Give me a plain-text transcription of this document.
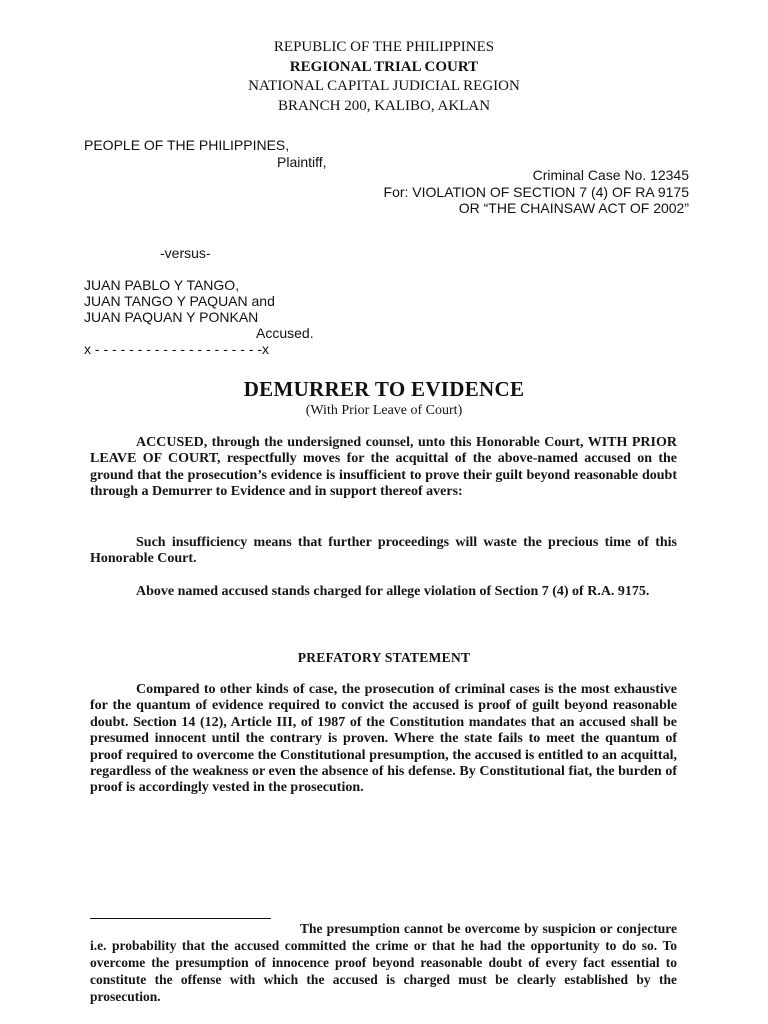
REPUBLIC OF THE PHILIPPINES
REGIONAL TRIAL COURT
NATIONAL CAPITAL JUDICIAL REGION
BRANCH 200, KALIBO, AKLAN
PEOPLE OF THE PHILIPPINES,
Plaintiff,
Criminal Case No. 12345
For: VIOLATION OF SECTION 7 (4) OF RA 9175
OR “THE CHAINSAW ACT OF 2002”
-versus-
JUAN PABLO Y TANGO,
JUAN TANGO Y PAQUAN and
JUAN PAQUAN Y PONKAN
Accused.
x - - - - - - - - - - - - - - - - - - - -x
DEMURRER TO EVIDENCE
(With Prior Leave of Court)
ACCUSED, through the undersigned counsel, unto this Honorable Court, WITH PRIOR LEAVE OF COURT, respectfully moves for the acquittal of the above-named accused on the ground that the prosecution’s evidence is insufficient to prove their guilt beyond reasonable doubt through a Demurrer to Evidence and in support thereof avers:
Such insufficiency means that further proceedings will waste the precious time of this Honorable Court.
Above named accused stands charged for allege violation of Section 7 (4) of R.A. 9175.
PREFATORY STATEMENT
Compared to other kinds of case, the prosecution of criminal cases is the most exhaustive for the quantum of evidence required to convict the accused is proof of guilt beyond reasonable doubt. Section 14 (12), Article III, of 1987 of the Constitution mandates that an accused shall be presumed innocent until the contrary is proven. Where the state fails to meet the quantum of proof required to overcome the Constitutional presumption, the accused is entitled to an acquittal, regardless of the weakness or even the absence of his defense. By Constitutional fiat, the burden of proof is accordingly vested in the prosecution.
The presumption cannot be overcome by suspicion or conjecture i.e. probability that the accused committed the crime or that he had the opportunity to do so. To overcome the presumption of innocence proof beyond reasonable doubt of every fact essential to constitute the offense with which the accused is charged must be clearly established by the prosecution.
